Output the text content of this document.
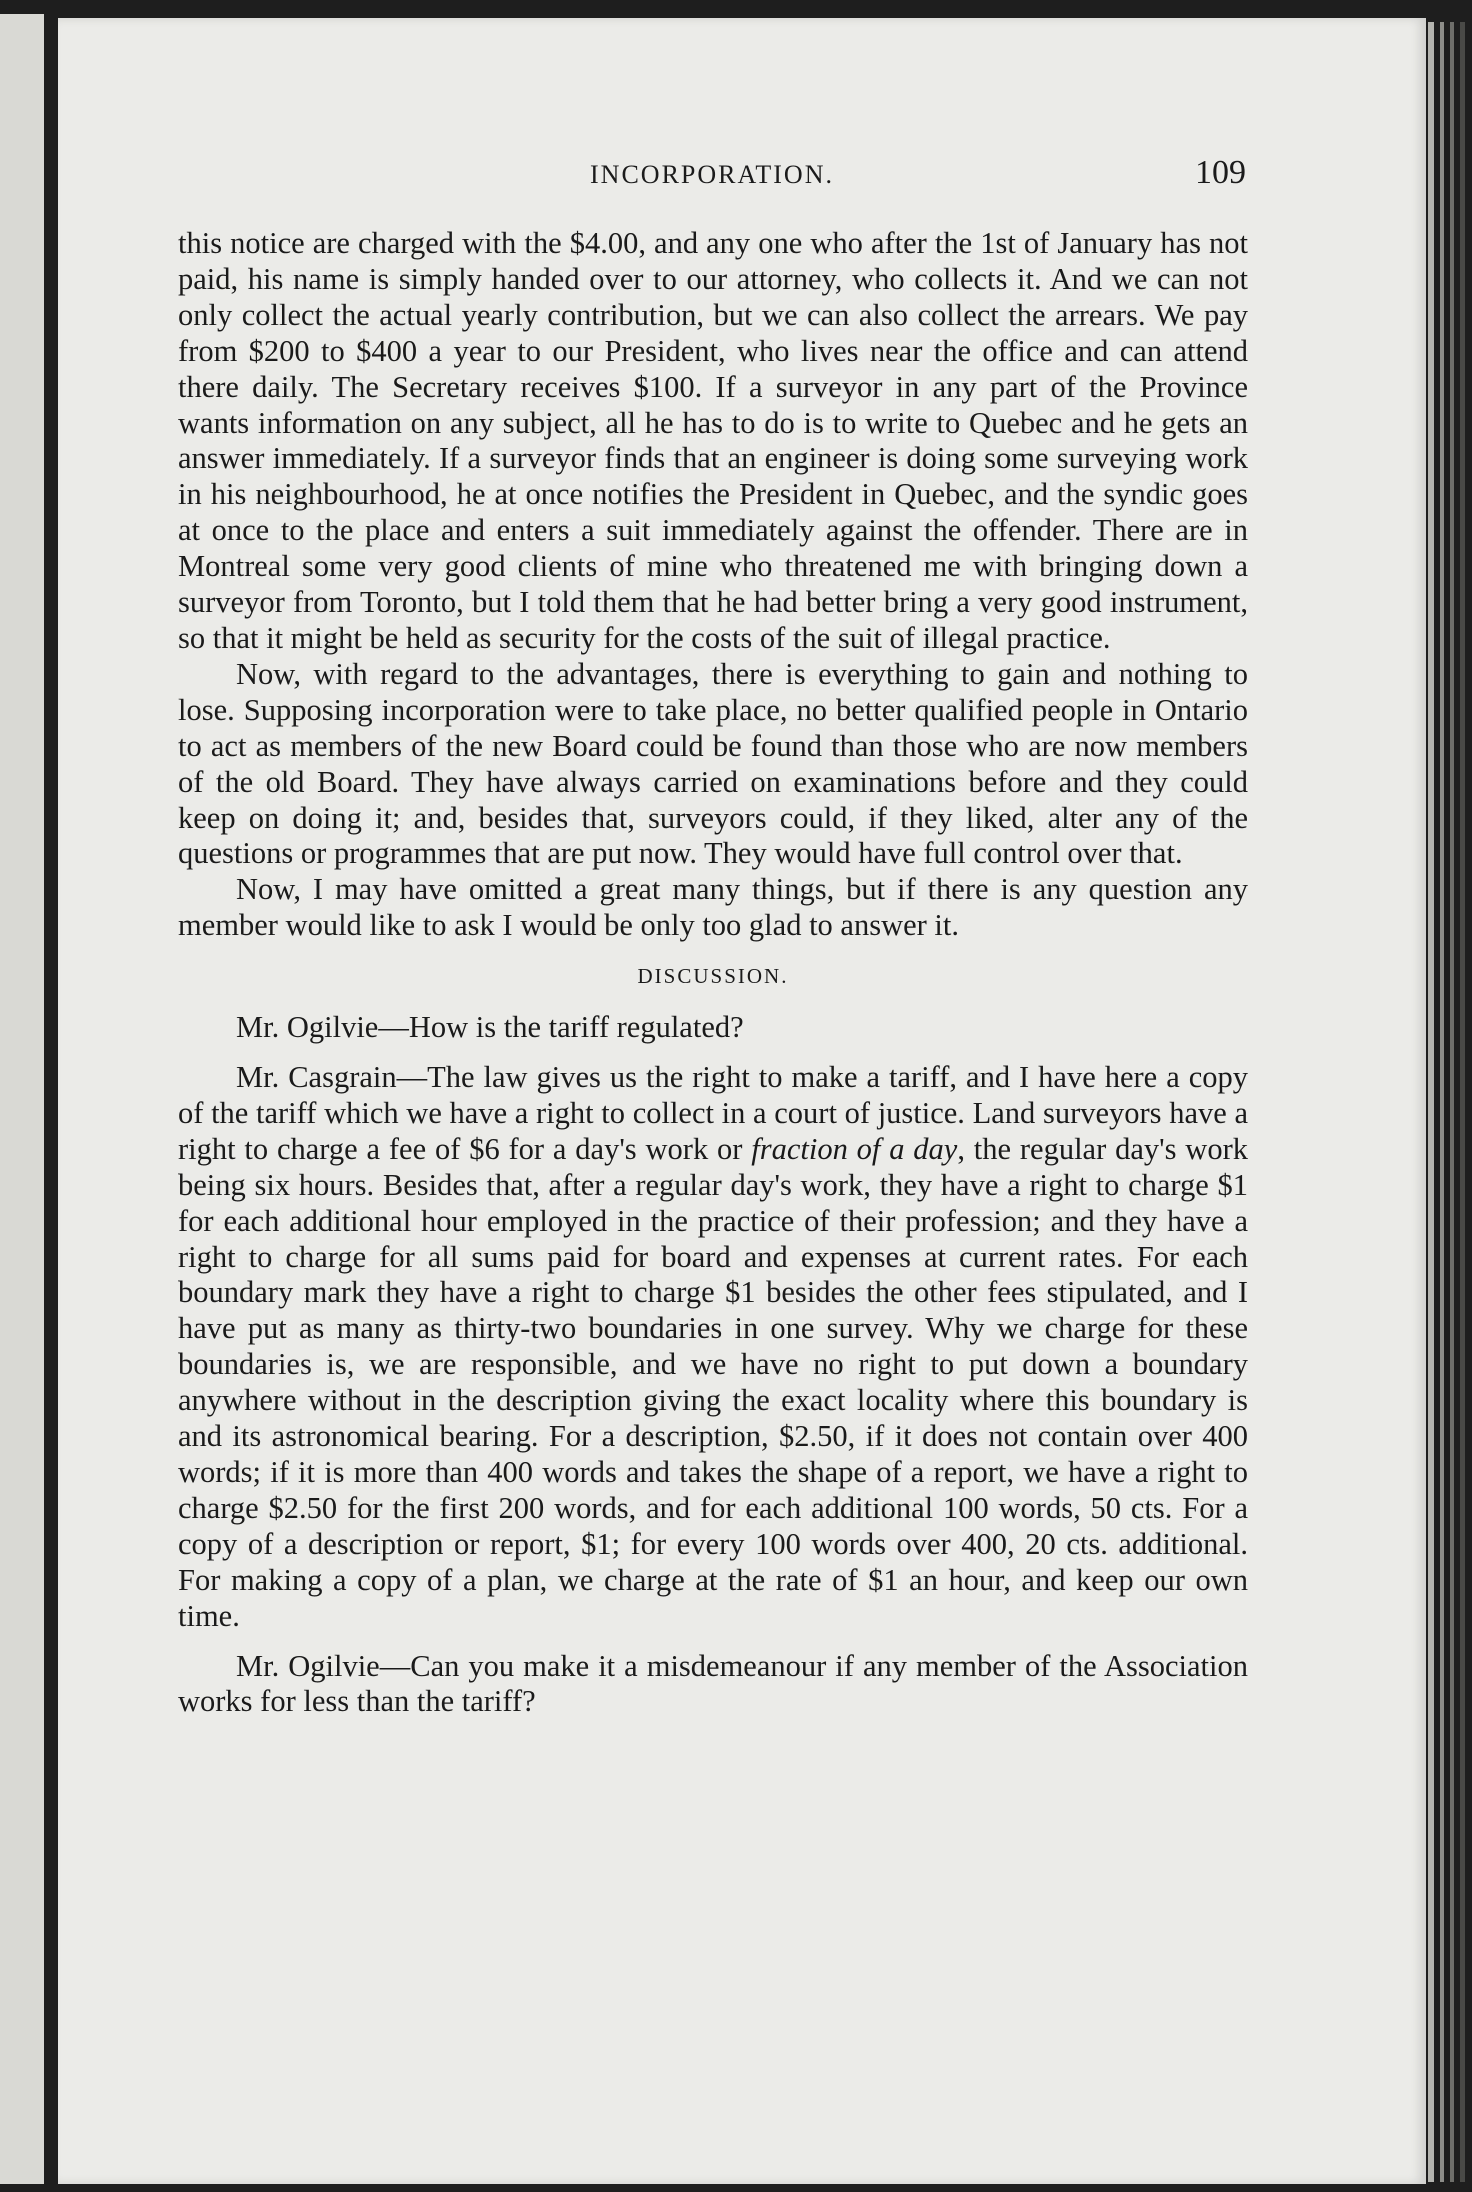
INCORPORATION.	109

this notice are charged with the $4.00, and any one who after the 1st of January has not paid, his name is simply handed over to our attorney, who collects it. And we can not only collect the actual yearly contribution, but we can also collect the arrears. We pay from $200 to $400 a year to our President, who lives near the office and can attend there daily. The Secretary receives $100. If a surveyor in any part of the Province wants information on any subject, all he has to do is to write to Quebec and he gets an answer immediately. If a surveyor finds that an engineer is doing some surveying work in his neighbourhood, he at once notifies the President in Quebec, and the syndic goes at once to the place and enters a suit immediately against the offender. There are in Montreal some very good clients of mine who threatened me with bringing down a surveyor from Toronto, but I told them that he had better bring a very good instrument, so that it might be held as security for the costs of the suit of illegal practice.

Now, with regard to the advantages, there is everything to gain and nothing to lose. Supposing incorporation were to take place, no better qualified people in Ontario to act as members of the new Board could be found than those who are now members of the old Board. They have always carried on examinations before and they could keep on doing it; and, besides that, surveyors could, if they liked, alter any of the questions or programmes that are put now. They would have full control over that.

Now, I may have omitted a great many things, but if there is any question any member would like to ask I would be only too glad to answer it.

DISCUSSION.

Mr. Ogilvie—How is the tariff regulated?

Mr. Casgrain—The law gives us the right to make a tariff, and I have here a copy of the tariff which we have a right to collect in a court of justice. Land surveyors have a right to charge a fee of $6 for a day's work or fraction of a day, the regular day's work being six hours. Besides that, after a regular day's work, they have a right to charge $1 for each additional hour employed in the practice of their profession; and they have a right to charge for all sums paid for board and expenses at current rates. For each boundary mark they have a right to charge $1 besides the other fees stipulated, and I have put as many as thirty-two boundaries in one survey. Why we charge for these boundaries is, we are responsible, and we have no right to put down a boundary anywhere without in the description giving the exact locality where this boundary is and its astronomical bearing. For a description, $2.50, if it does not contain over 400 words; if it is more than 400 words and takes the shape of a report, we have a right to charge $2.50 for the first 200 words, and for each additional 100 words, 50 cts. For a copy of a description or report, $1; for every 100 words over 400, 20 cts. additional. For making a copy of a plan, we charge at the rate of $1 an hour, and keep our own time.

Mr. Ogilvie—Can you make it a misdemeanour if any member of the Association works for less than the tariff?
